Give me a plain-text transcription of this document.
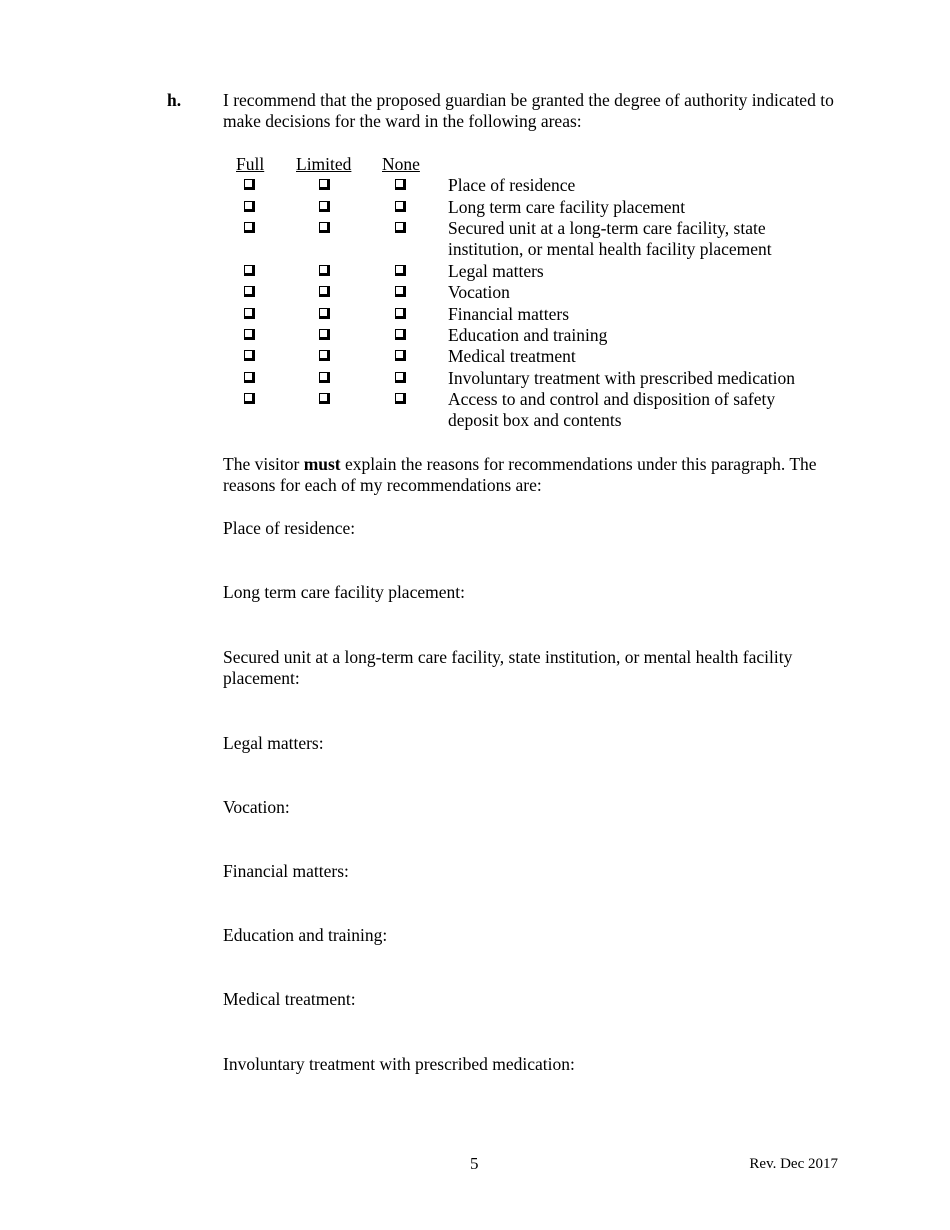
h. I recommend that the proposed guardian be granted the degree of authority indicated to make decisions for the ward in the following areas:
Full Limited None
Place of residence
Long term care facility placement
Secured unit at a long-term care facility, state institution, or mental health facility placement
Legal matters
Vocation
Financial matters
Education and training
Medical treatment
Involuntary treatment with prescribed medication
Access to and control and disposition of safety deposit box and contents
The visitor must explain the reasons for recommendations under this paragraph. The reasons for each of my recommendations are:
Place of residence:
Long term care facility placement:
Secured unit at a long-term care facility, state institution, or mental health facility placement:
Legal matters:
Vocation:
Financial matters:
Education and training:
Medical treatment:
Involuntary treatment with prescribed medication:
5	Rev. Dec 2017
